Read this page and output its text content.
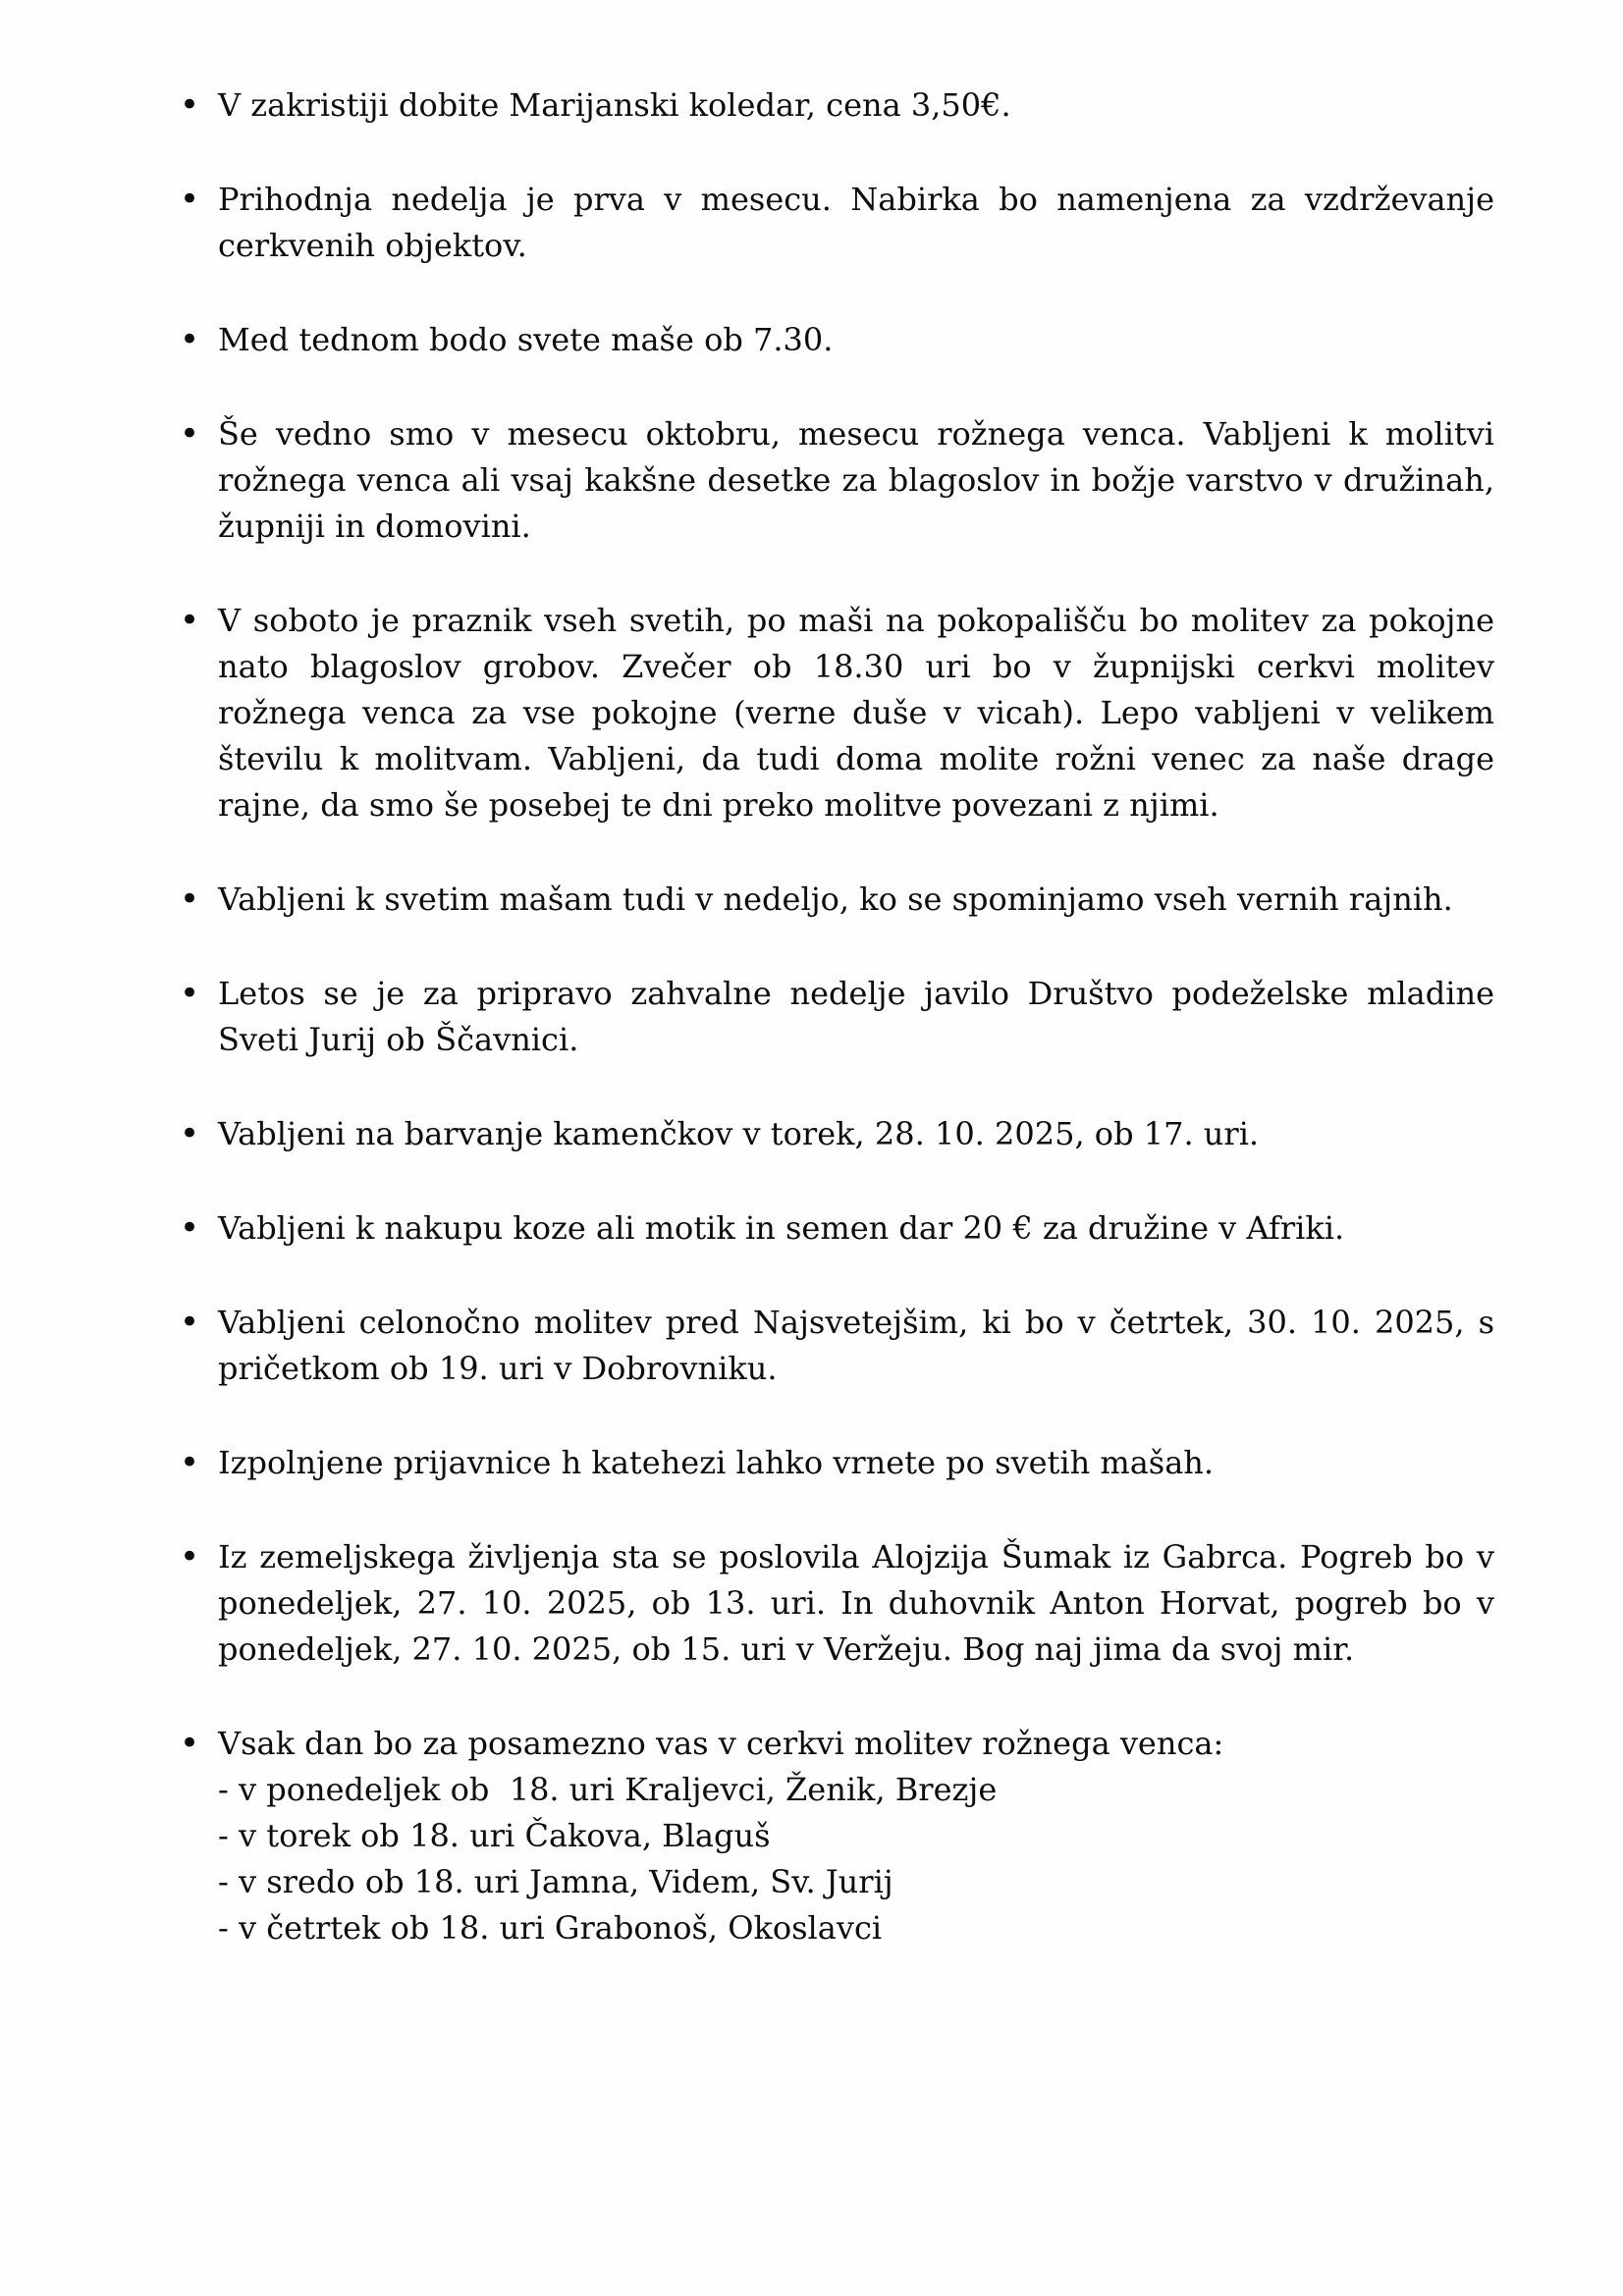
• V zakristiji dobite Marijanski koledar, cena 3,50€.
• Prihodnja nedelja je prva v mesecu. Nabirka bo namenjena za vzdrževanje cerkvenih objektov.
• Med tednom bodo svete maše ob 7.30.
• Še vedno smo v mesecu oktobru, mesecu rožnega venca. Vabljeni k molitvi rožnega venca ali vsaj kakšne desetke za blagoslov in božje varstvo v družinah, župniji in domovini.
• V soboto je praznik vseh svetih, po maši na pokopališču bo molitev za pokojne nato blagoslov grobov. Zvečer ob 18.30 uri bo v župnijski cerkvi molitev rožnega venca za vse pokojne (verne duše v vicah). Lepo vabljeni v velikem številu k molitvam. Vabljeni, da tudi doma molite rožni venec za naše drage rajne, da smo še posebej te dni preko molitve povezani z njimi.
• Vabljeni k svetim mašam tudi v nedeljo, ko se spominjamo vseh vernih rajnih.
• Letos se je za pripravo zahvalne nedelje javilo Društvo podeželske mladine Sveti Jurij ob Ščavnici.
• Vabljeni na barvanje kamenčkov v torek, 28. 10. 2025, ob 17. uri.
• Vabljeni k nakupu koze ali motik in semen dar 20 € za družine v Afriki.
• Vabljeni celonočno molitev pred Najsvetejšim, ki bo v četrtek, 30. 10. 2025, s pričetkom ob 19. uri v Dobrovniku.
• Izpolnjene prijavnice h katehezi lahko vrnete po svetih mašah.
• Iz zemeljskega življenja sta se poslovila Alojzija Šumak iz Gabrca. Pogreb bo v ponedeljek, 27. 10. 2025, ob 13. uri. In duhovnik Anton Horvat, pogreb bo v ponedeljek, 27. 10. 2025, ob 15. uri v Veržeju. Bog naj jima da svoj mir.
• Vsak dan bo za posamezno vas v cerkvi molitev rožnega venca:
- v ponedeljek ob  18. uri Kraljevci, Ženik, Brezje
- v torek ob 18. uri Čakova, Blaguš
- v sredo ob 18. uri Jamna, Videm, Sv. Jurij
- v četrtek ob 18. uri Grabonoš, Okoslavci
